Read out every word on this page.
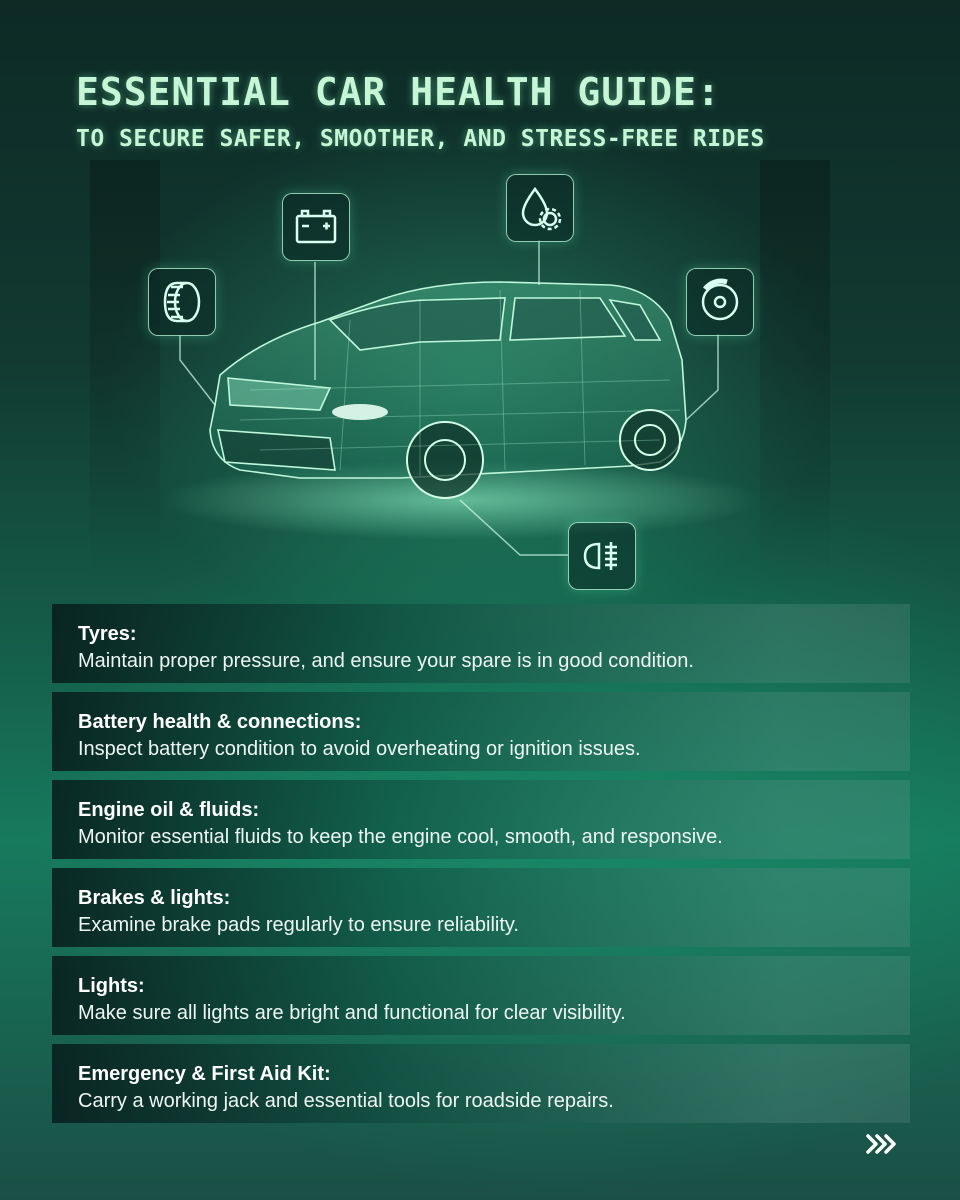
ESSENTIAL CAR HEALTH GUIDE:
TO SECURE SAFER, SMOOTHER, AND STRESS-FREE RIDES
Tyres:
Maintain proper pressure, and ensure your spare is in good condition.
Battery health & connections:
Inspect battery condition to avoid overheating or ignition issues.
Engine oil & fluids:
Monitor essential fluids to keep the engine cool, smooth, and responsive.
Brakes & lights:
Examine brake pads regularly to ensure reliability.
Lights:
Make sure all lights are bright and functional for clear visibility.
Emergency & First Aid Kit:
Carry a working jack and essential tools for roadside repairs.
